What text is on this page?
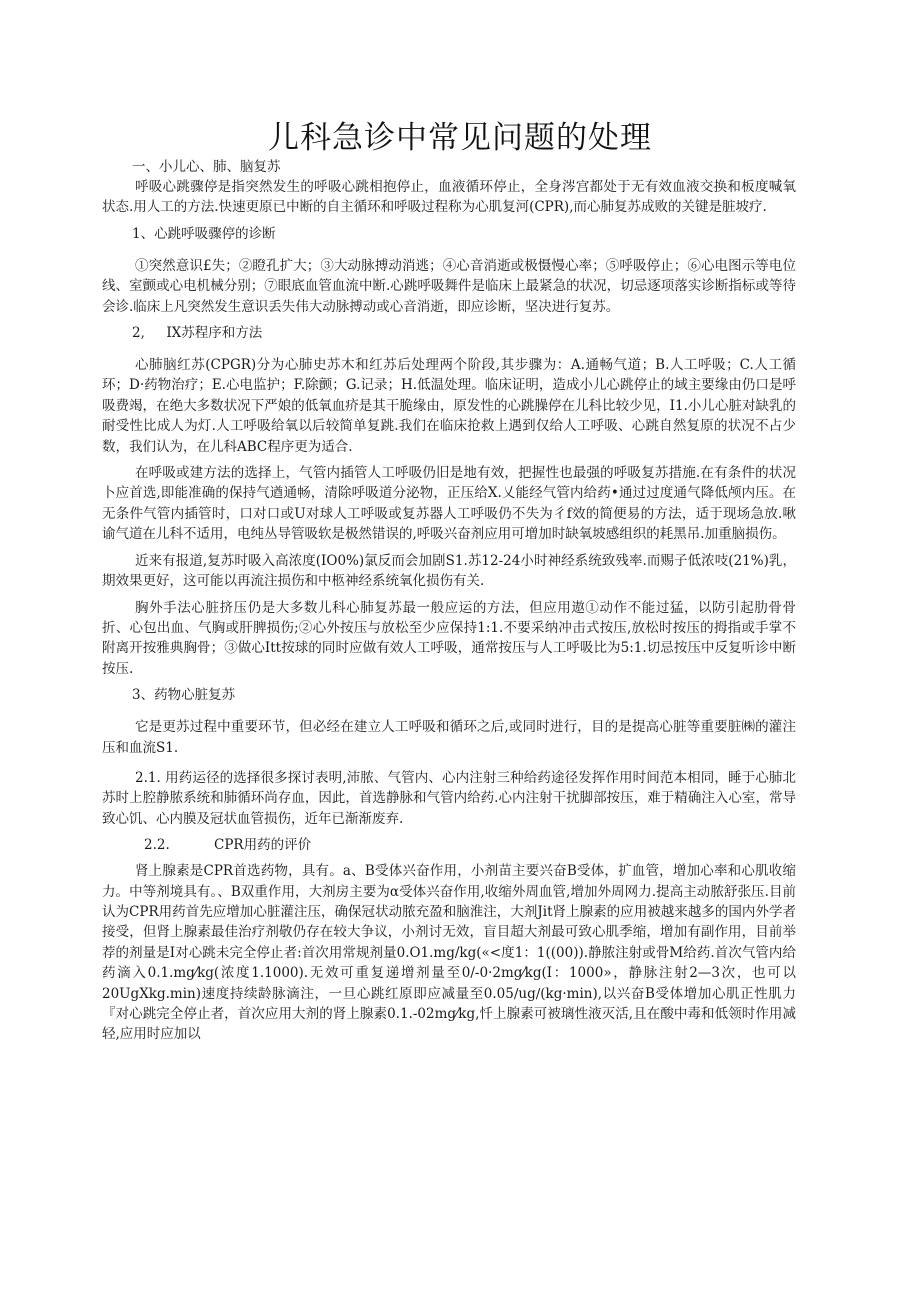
儿科急诊中常见问题的处理

一、小儿心、肺、脑复苏

呼吸心跳骤停是指突然发生的呼吸心跳相抱停止，血液循环停止，全身涔宫都处于无有效血液交换和板度喊氧状态.用人工的方法.快速更原已中断的自主循环和呼吸过程称为心肌复河(CPR),而心肺复苏成败的关键是脏坡疗.

1、心跳呼吸骤停的诊断

①突然意识£失；②瞪孔扩大；③大动脉搏动消逃；④心音消逝或极慑慢心率；⑤呼吸停止；⑥心电图示等电位线、室颤或心电机械分别；⑦眼底血管血流中断.心跳呼吸舞件是临床上最紧急的状况，切忌逐项落实诊断指标或等待会诊.临床上凡突然发生意识丢失伟大动脉搏动或心音消逝，即应诊断，坚决进行复苏。

2,	IX苏程序和方法

心肺脑红苏(CPGR)分为心肺史苏木和红苏后处理两个阶段,其步骤为：A.通畅气道；B.人工呼吸；C.人工循环；D·药物治疗；E.心电监护；F.除颤；G.记录；H.低温处理。临床证明，造成小儿心跳停止的域主要缘由仍口是呼吸费竭，在绝大多数状况下严娘的低氧血疥是其干脆缘由，原发性的心跳臊停在儿科比较少见，I1.小儿心脏对缺乳的耐受性比成人为灯.人工呼吸给氧以后较简单复跳.我们在临床抢救上遇到仅给人工呼吸、心跳自然复原的状况不占少数，我们认为，在儿科ABC程序更为适合.

在呼吸或建方法的选择上，气管内插管人工呼吸仍旧是地有效，把握性也最强的呼吸复苏措施.在有条件的状况卜应首选,即能准确的保持气遒通畅，清除呼吸道分泌物，正压给X.乂能经气管内给药•通过过度通气降低颅内压。在无条件气管内插管时，口对口或U对球人工呼吸或复苏器人工呼吸仍不失为彳f效的简便易的方法，适于现场急放.啾谕气道在儿科不适用，电纯丛导管吸软是极然错误的,呼吸兴奋剂应用可增加时缺氧坡感组织的耗黑吊.加重脑损伤。

近来有报道,复苏时吸入高浓度(IO0%)氯反而会加剧S1.苏12-24小时神经系统致残率.而赐子低浓吱(21%)乳，期效果更好，这可能以再流注损伤和中柩神经系统氧化损伤有关.

胸外手法心脏挤压仍是大多数儿科心肺复苏最一般应运的方法，但应用遨①动作不能过猛，以防引起肋骨骨折、心包出血、气胸或肝脾损伤;②心外按压与放松至少应保持1:1.不要采纳冲击式按压,放松时按压的拇指或手掌不附离开按雅典胸骨；③做心Itt按球的同时应做有效人工呼吸，通常按压与人工呼吸比为5:1.切忌按压中反复听诊中断按压.

3、药物心脏复苏

它是更苏过程中重要环节，但必经在建立人工呼吸和循环之后,或同时进行，目的是提高心脏等重要脏㈱的灌注压和血流S1.

2.1. 用药运径的选择很多探讨表明,沛脓、气管内、心内注射三种给药途径发挥作用时间范本相同，睡于心肺北苏时上腔静脓系统和肺循环尚存血，因此，首选静脉和气管内给药.心内注射干扰脚部按压，难于精确注入心室，常导致心饥、心内膜及冠状血管损伤，近年已渐渐废弃.

2.2.	CPR用药的评价

肾上腺素是CPR首选药物，具有。a、B受体兴奋作用，小剂苗主要兴奋B受体，扩血管，增加心率和心肌收缩力。中等剂境具有。、B双重作用，大剂房主要为α受体兴奋作用,收缩外周血管,增加外周网力.提高主动脓舒张压.目前认为CPR用药首先应增加心脏灌注压，确保冠状动脓充盈和脑淮注，大剂Jit肾上腺素的应用被越来越多的国内外学者接受，但肾上腺素最佳治疗剂敬仍存在较大争议，小剂讨无效，盲目超大剂最可致心肌季缩，增加有副作用，目前举荐的剂量是I对心跳未完全停止者:首次用常规剂量0.O1.mg/kg(«<度1：1((00)).静脓注射或骨M给药.首次气管内给药滴入0.1.mg⁄kg(浓度1.1000).无效可重复递增剂量至0/-0·2mg⁄kg(I：1000»，静脉注射2—3次，也可以20UgXkg.min)速度持续龄脉滴注，一旦心跳红原即应减量至0.05∕ug∕(kg·min),以兴奋B受体增加心肌正性肌力『对心跳完全停止者，首次应用大剂的肾上腺素0.1.-02mg⁄kg,忏上腺素可被璃性液灭活,且在酸中毒和低领时作用减轻,应用时应加以
